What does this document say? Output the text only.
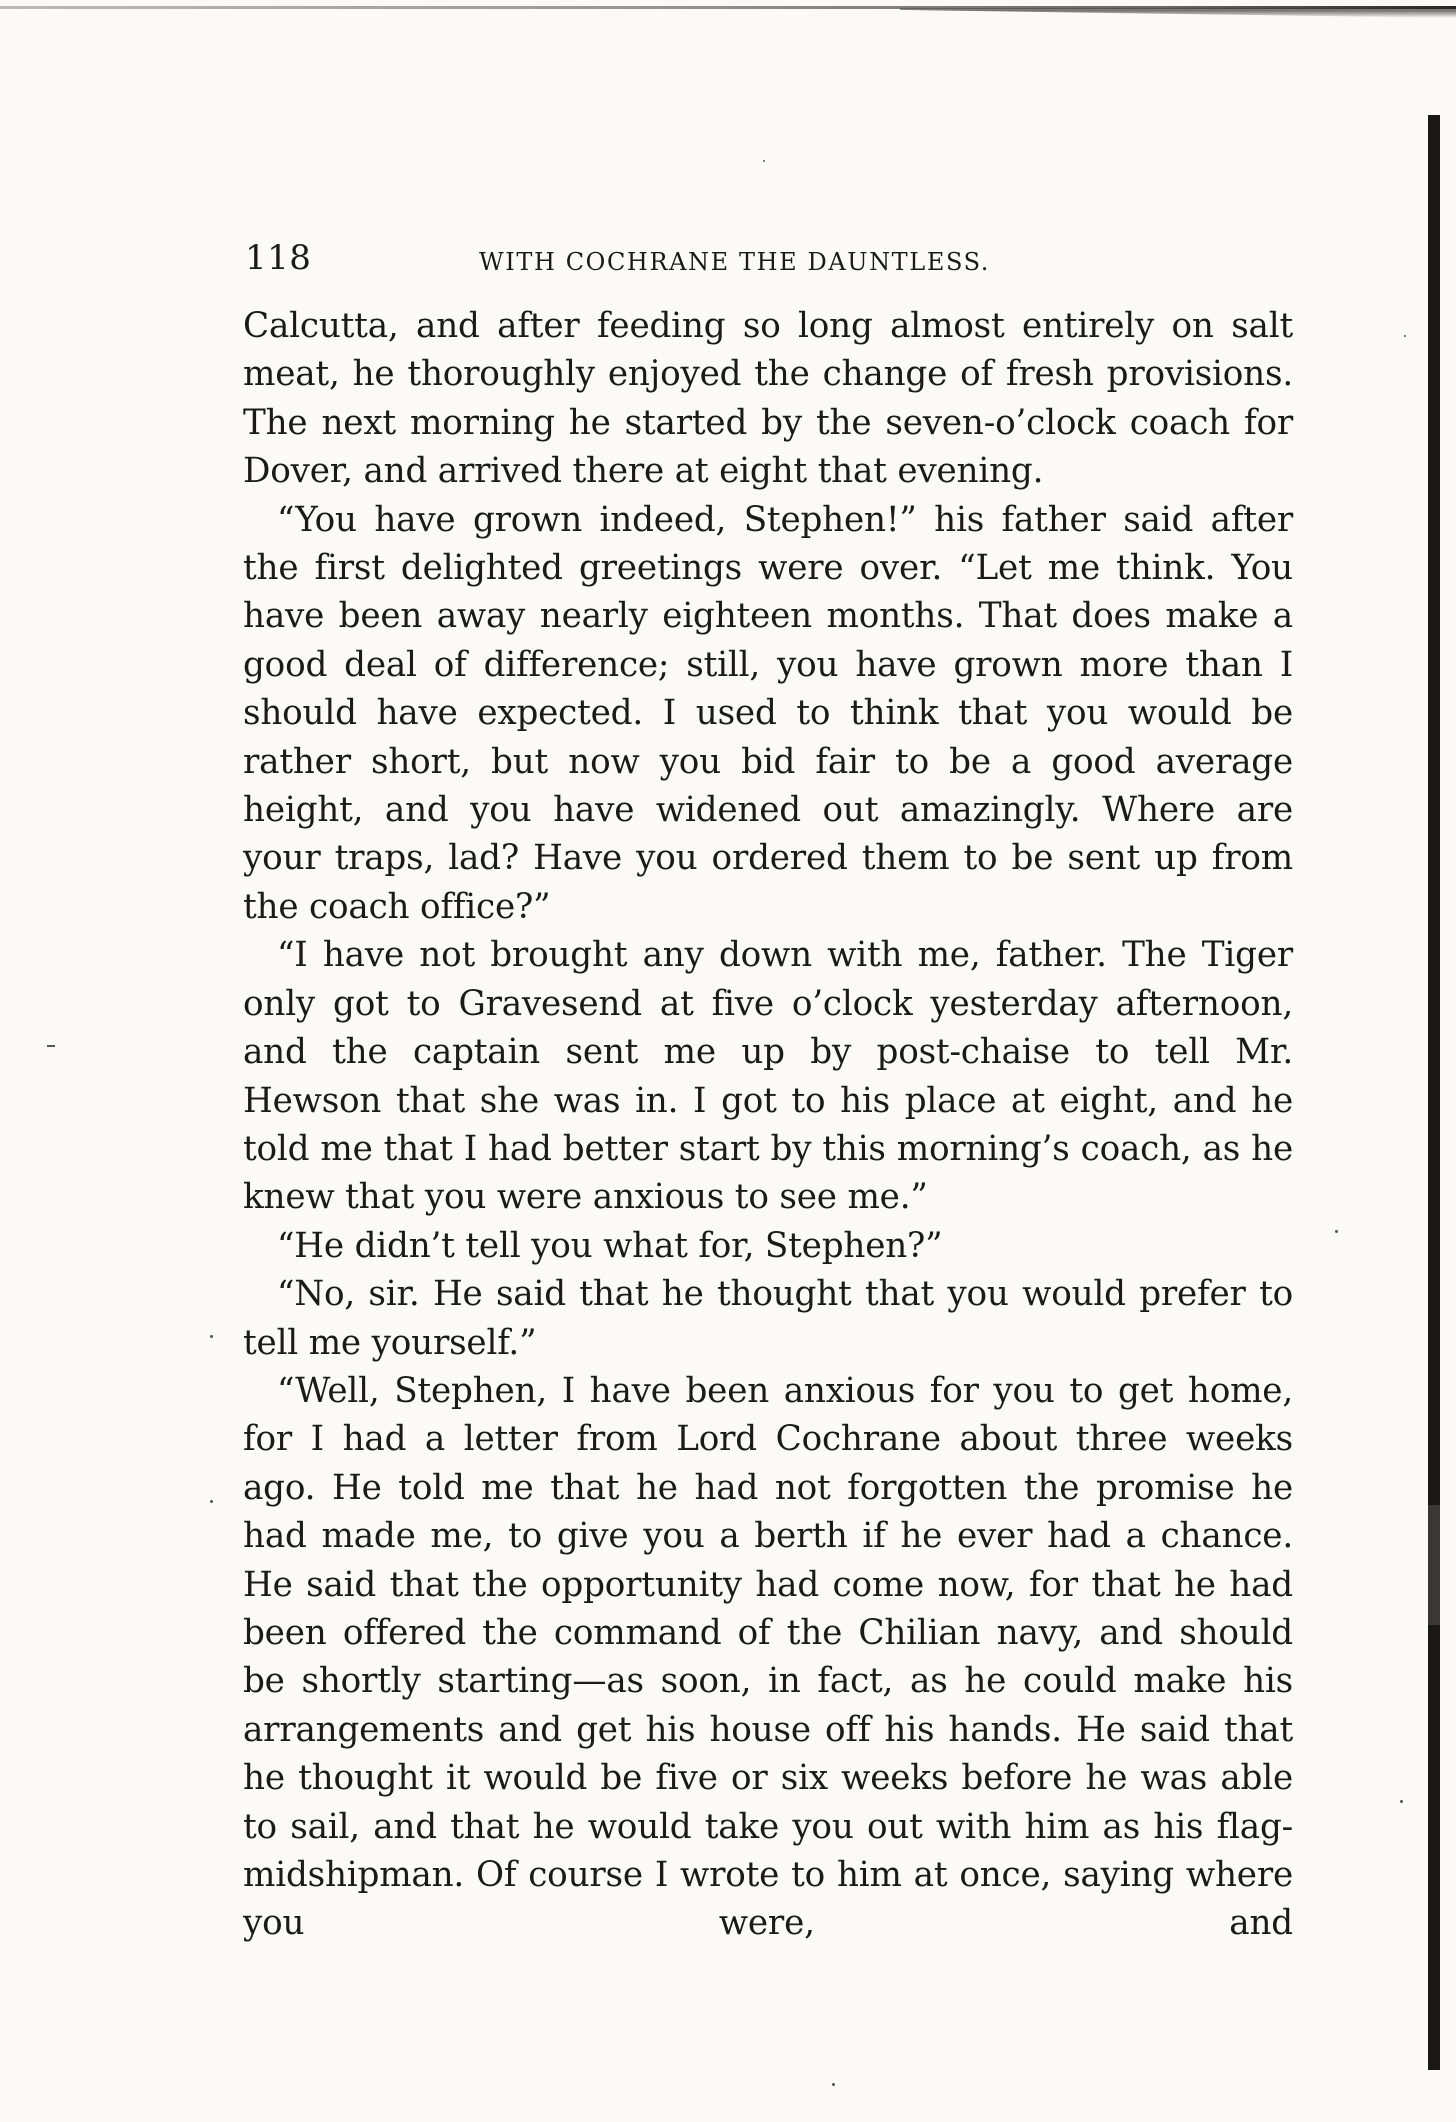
118	WITH COCHRANE THE DAUNTLESS.

Calcutta, and after feeding so long almost entirely on salt meat, he thoroughly enjoyed the change of fresh provisions. The next morning he started by the seven-o’clock coach for Dover, and arrived there at eight that evening.

“You have grown indeed, Stephen!” his father said after the first delighted greetings were over. “Let me think. You have been away nearly eighteen months. That does make a good deal of difference; still, you have grown more than I should have expected. I used to think that you would be rather short, but now you bid fair to be a good average height, and you have widened out amazingly. Where are your traps, lad? Have you ordered them to be sent up from the coach office?”

“I have not brought any down with me, father. The Tiger only got to Gravesend at five o’clock yesterday afternoon, and the captain sent me up by post-chaise to tell Mr. Hewson that she was in. I got to his place at eight, and he told me that I had better start by this morning’s coach, as he knew that you were anxious to see me.”

“He didn’t tell you what for, Stephen?”

“No, sir. He said that he thought that you would prefer to tell me yourself.”

“Well, Stephen, I have been anxious for you to get home, for I had a letter from Lord Cochrane about three weeks ago. He told me that he had not forgotten the promise he had made me, to give you a berth if he ever had a chance. He said that the opportunity had come now, for that he had been offered the command of the Chilian navy, and should be shortly starting—as soon, in fact, as he could make his arrangements and get his house off his hands. He said that he thought it would be five or six weeks before he was able to sail, and that he would take you out with him as his flag-midshipman. Of course I wrote to him at once, saying where you were, and
